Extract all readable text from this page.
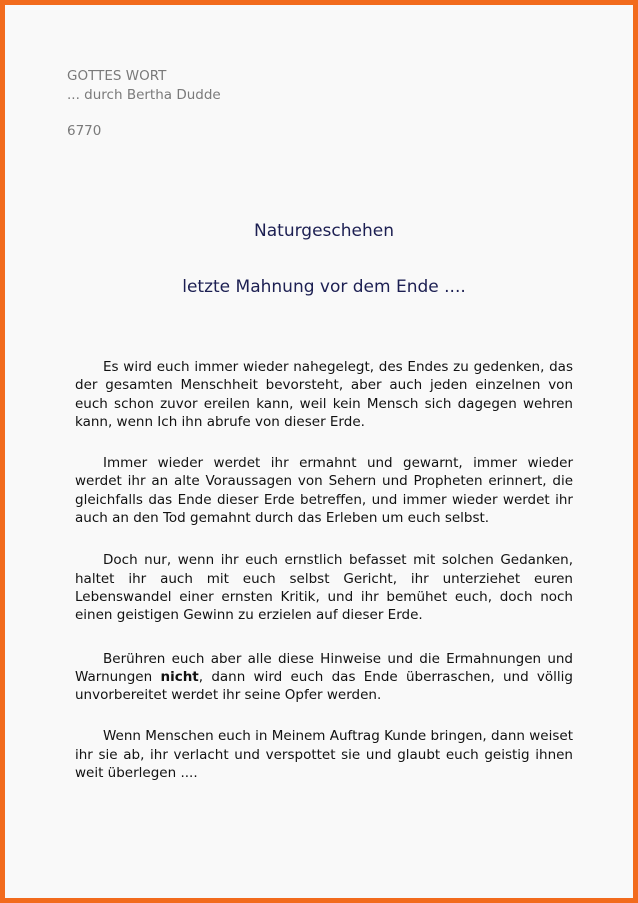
GOTTES WORT
... durch Bertha Dudde
6770
Naturgeschehen
letzte Mahnung vor dem Ende ....

Es wird euch immer wieder nahegelegt, des Endes zu gedenken, das der gesamten Menschheit bevorsteht, aber auch jeden einzelnen von euch schon zuvor ereilen kann, weil kein Mensch sich dagegen wehren kann, wenn Ich ihn abrufe von dieser Erde.

Immer wieder werdet ihr ermahnt und gewarnt, immer wieder werdet ihr an alte Voraussagen von Sehern und Propheten erinnert, die gleichfalls das Ende dieser Erde betreffen, und immer wieder werdet ihr auch an den Tod gemahnt durch das Erleben um euch selbst.

Doch nur, wenn ihr euch ernstlich befasset mit solchen Gedanken, haltet ihr auch mit euch selbst Gericht, ihr unterziehet euren Lebenswandel einer ernsten Kritik, und ihr bemühet euch, doch noch einen geistigen Gewinn zu erzielen auf dieser Erde.

Berühren euch aber alle diese Hinweise und die Ermahnungen und Warnungen nicht, dann wird euch das Ende überraschen, und völlig unvorbereitet werdet ihr seine Opfer werden.

Wenn Menschen euch in Meinem Auftrag Kunde bringen, dann weiset ihr sie ab, ihr verlacht und verspottet sie und glaubt euch geistig ihnen weit überlegen ....
